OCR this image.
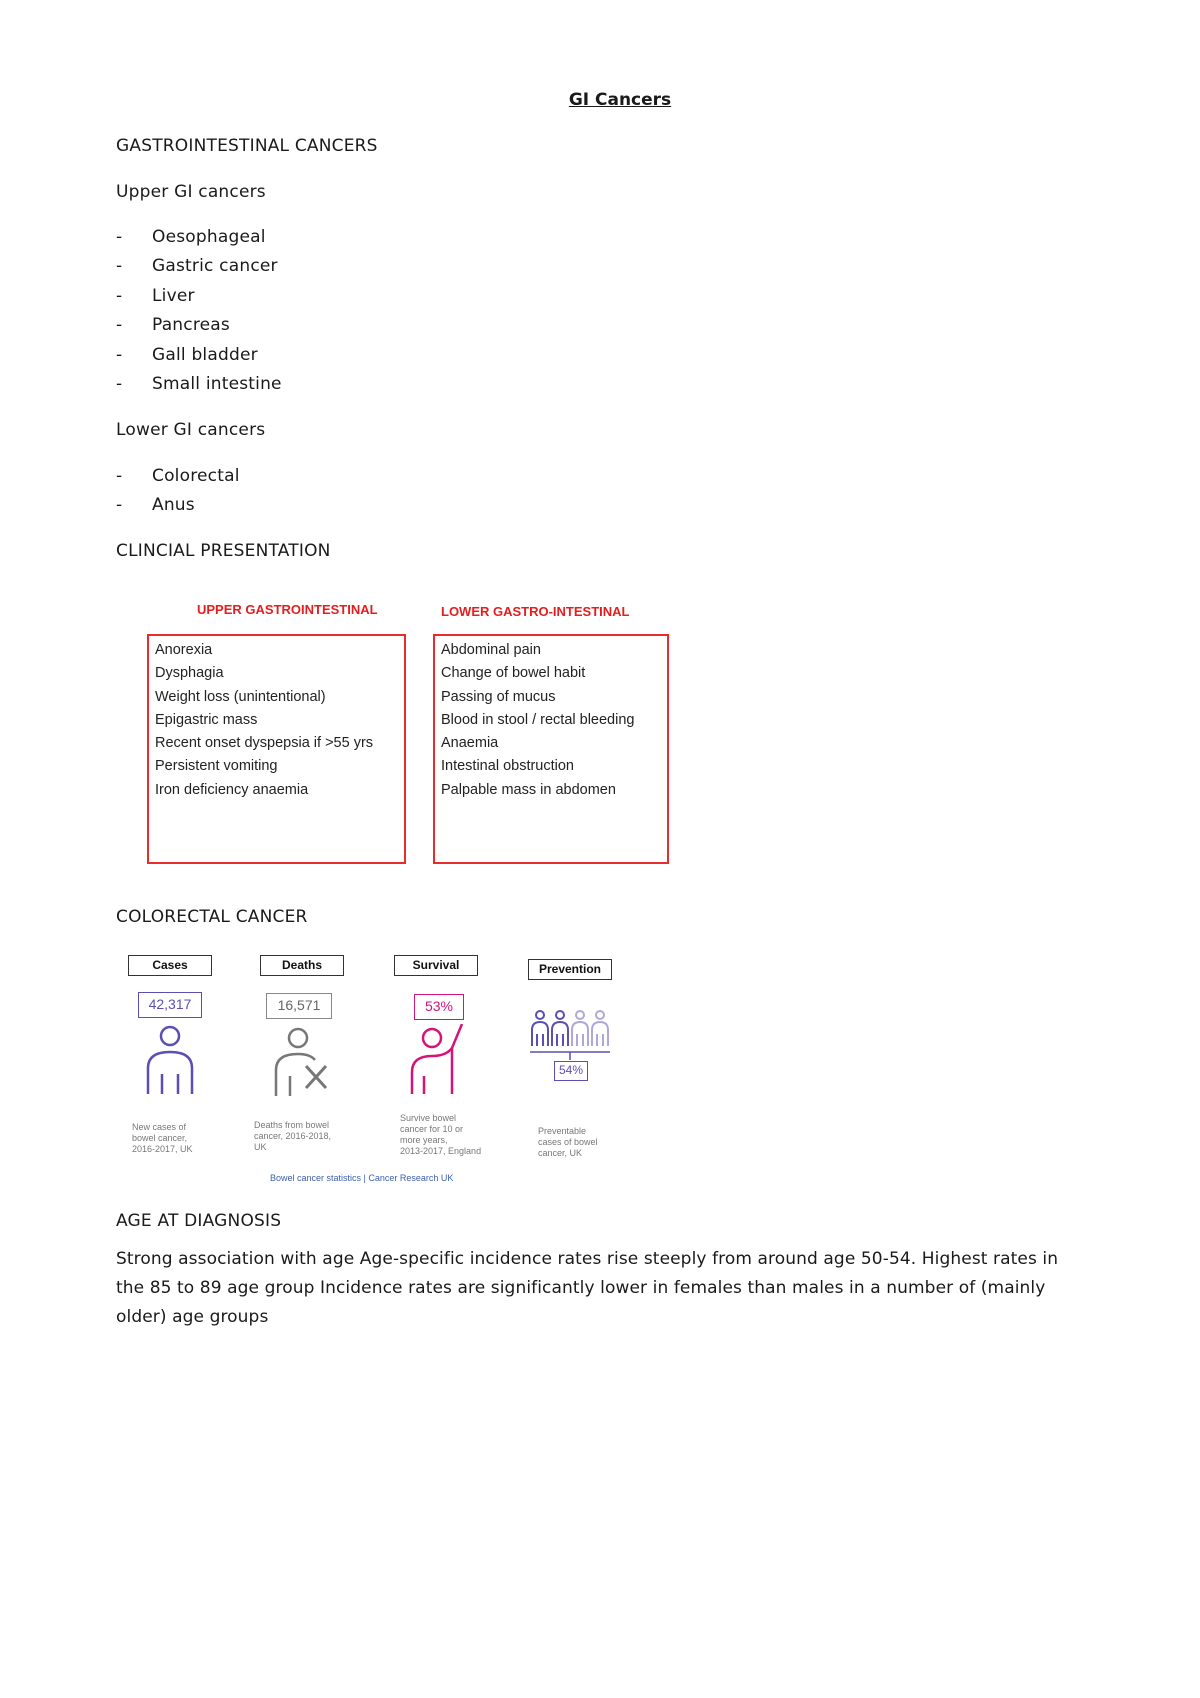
GI Cancers
GASTROINTESTINAL CANCERS
Upper GI cancers
- Oesophageal
- Gastric cancer
- Liver
- Pancreas
- Gall bladder
- Small intestine
Lower GI cancers
- Colorectal
- Anus
CLINCIAL PRESENTATION
UPPER GASTROINTESTINAL	LOWER GASTRO-INTESTINAL
Anorexia
Dysphagia
Weight loss (unintentional)
Epigastric mass
Recent onset dyspepsia if >55 yrs
Persistent vomiting
Iron deficiency anaemia
Abdominal pain
Change of bowel habit
Passing of mucus
Blood in stool / rectal bleeding
Anaemia
Intestinal obstruction
Palpable mass in abdomen
COLORECTAL CANCER
Cases
42,317
New cases of
bowel cancer,
2016-2017, UK
Deaths
16,571
Deaths from bowel
cancer, 2016-2018,
UK
Survival
53%
Survive bowel
cancer for 10 or
more years,
2013-2017, England
Prevention
54%
Preventable
cases of bowel
cancer, UK
Bowel cancer statistics | Cancer Research UK
AGE AT DIAGNOSIS
Strong association with age Age-specific incidence rates rise steeply from around age 50-54. Highest rates in
the 85 to 89 age group Incidence rates are significantly lower in females than males in a number of (mainly
older) age groups
